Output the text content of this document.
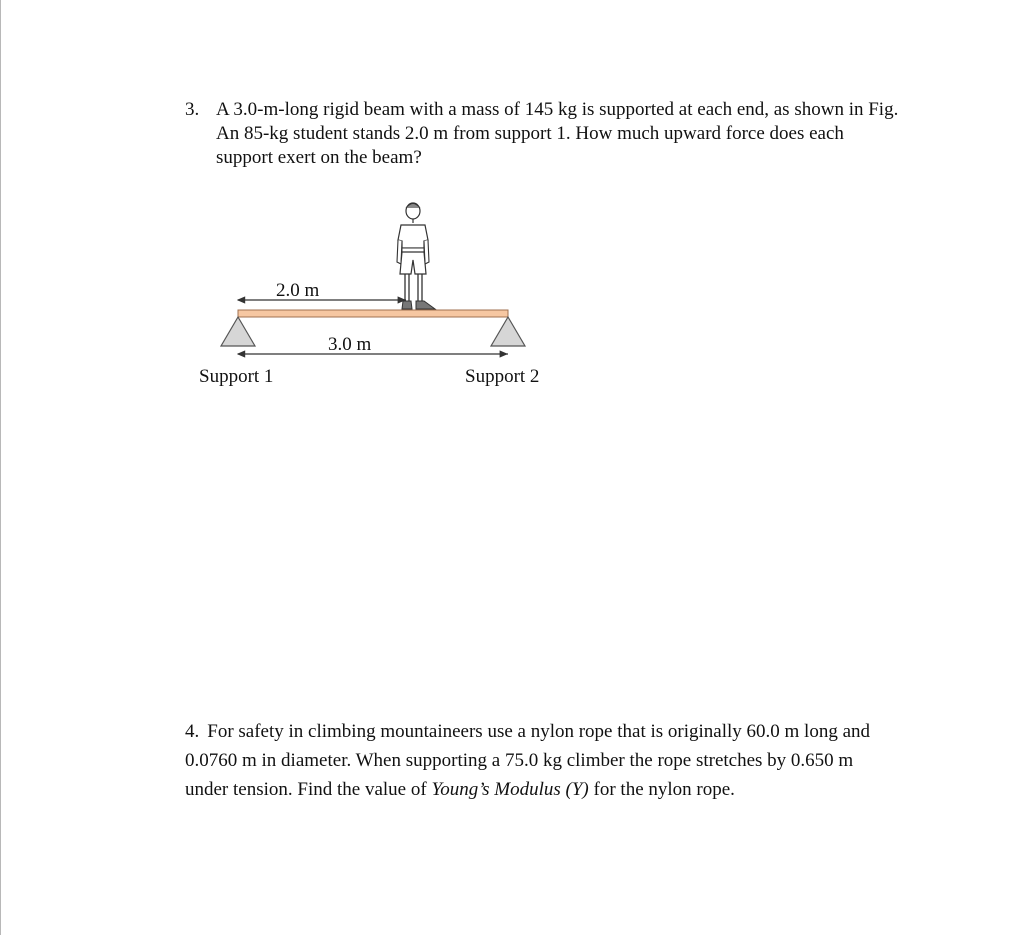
3. A 3.0-m-long rigid beam with a mass of 145 kg is supported at each end, as shown in Fig. An 85-kg student stands 2.0 m from support 1. How much upward force does each support exert on the beam?
2.0 m
3.0 m
Support 1	Support 2
4. For safety in climbing mountaineers use a nylon rope that is originally 60.0 m long and 0.0760 m in diameter. When supporting a 75.0 kg climber the rope stretches by 0.650 m under tension. Find the value of Young’s Modulus (Y) for the nylon rope.
